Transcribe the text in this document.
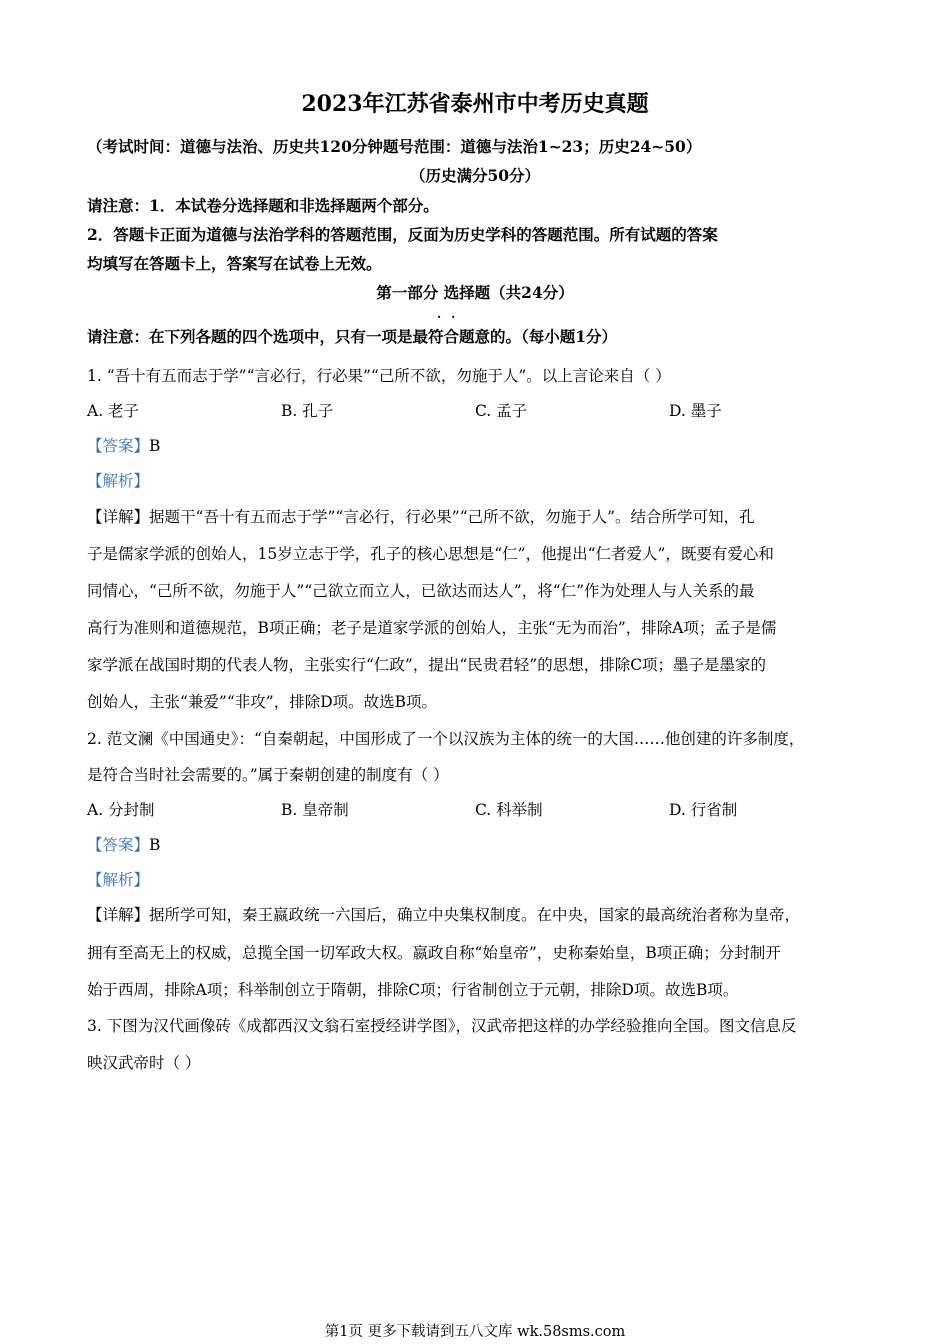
2023年江苏省泰州市中考历史真题
（考试时间：道德与法治、历史共120分钟题号范围：道德与法治1~23；历史24~50）
（历史满分50分）
请注意：1．本试卷分选择题和非选择题两个部分。
2．答题卡正面为道德与法治学科的答题范围，反面为历史学科的答题范围。所有试题的答案
均填写在答题卡上，答案写在试卷上无效。
第一部分 选择题（共24分）
··
请注意：在下列各题的四个选项中，只有一项是最符合题意的。（每小题1分）
1. “吾十有五而志于学”“言必行，行必果”“己所不欲，勿施于人”。以上言论来自（ ）
A. 老子	B. 孔子	C. 孟子	D. 墨子
【答案】B
【解析】
【详解】据题干“吾十有五而志于学”“言必行，行必果”“己所不欲，勿施于人”。结合所学可知，孔
子是儒家学派的创始人，15岁立志于学，孔子的核心思想是“仁”，他提出“仁者爱人”，既要有爱心和
同情心，“己所不欲，勿施于人”“己欲立而立人，已欲达而达人”，将“仁”作为处理人与人关系的最
高行为准则和道德规范，B项正确；老子是道家学派的创始人，主张“无为而治”，排除A项；孟子是儒
家学派在战国时期的代表人物，主张实行“仁政”，提出“民贵君轻”的思想，排除C项；墨子是墨家的
创始人，主张“兼爱”“非攻”，排除D项。故选B项。
2. 范文澜《中国通史》：“自秦朝起，中国形成了一个以汉族为主体的统一的大国……他创建的许多制度，
是符合当时社会需要的。”属于秦朝创建的制度有（ ）
A. 分封制	B. 皇帝制	C. 科举制	D. 行省制
【答案】B
【解析】
【详解】据所学可知，秦王嬴政统一六国后，确立中央集权制度。在中央，国家的最高统治者称为皇帝，
拥有至高无上的权威，总揽全国一切军政大权。嬴政自称“始皇帝”，史称秦始皇，B项正确；分封制开
始于西周，排除A项；科举制创立于隋朝，排除C项；行省制创立于元朝，排除D项。故选B项。
3. 下图为汉代画像砖《成都西汉文翁石室授经讲学图》，汉武帝把这样的办学经验推向全国。图文信息反
映汉武帝时（ ）
第1页 更多下载请到五八文库 wk.58sms.com
